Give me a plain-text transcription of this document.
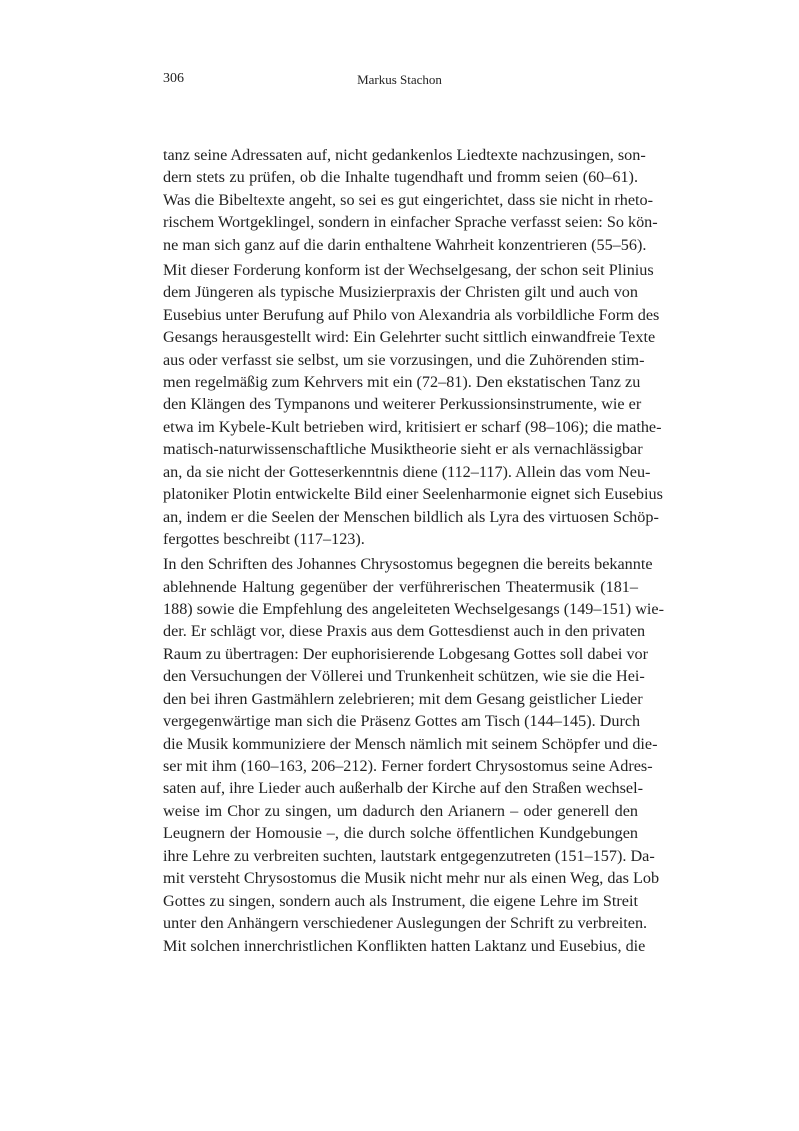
306	Markus Stachon
tanz seine Adressaten auf, nicht gedankenlos Liedtexte nachzusingen, son-
dern stets zu prüfen, ob die Inhalte tugendhaft und fromm seien (60–61).
Was die Bibeltexte angeht, so sei es gut eingerichtet, dass sie nicht in rheto-
rischem Wortgeklingel, sondern in einfacher Sprache verfasst seien: So kön-
ne man sich ganz auf die darin enthaltene Wahrheit konzentrieren (55–56).
Mit dieser Forderung konform ist der Wechselgesang, der schon seit Plinius
dem Jüngeren als typische Musizierpraxis der Christen gilt und auch von
Eusebius unter Berufung auf Philo von Alexandria als vorbildliche Form des
Gesangs herausgestellt wird: Ein Gelehrter sucht sittlich einwandfreie Texte
aus oder verfasst sie selbst, um sie vorzusingen, und die Zuhörenden stim-
men regelmäßig zum Kehrvers mit ein (72–81). Den ekstatischen Tanz zu
den Klängen des Tympanons und weiterer Perkussionsinstrumente, wie er
etwa im Kybele-Kult betrieben wird, kritisiert er scharf (98–106); die mathe-
matisch-naturwissenschaftliche Musiktheorie sieht er als vernachlässigbar
an, da sie nicht der Gotteserkenntnis diene (112–117). Allein das vom Neu-
platoniker Plotin entwickelte Bild einer Seelenharmonie eignet sich Eusebius
an, indem er die Seelen der Menschen bildlich als Lyra des virtuosen Schöp-
fergottes beschreibt (117–123).
In den Schriften des Johannes Chrysostomus begegnen die bereits bekannte
ablehnende Haltung gegenüber der verführerischen Theatermusik (181–
188) sowie die Empfehlung des angeleiteten Wechselgesangs (149–151) wie-
der. Er schlägt vor, diese Praxis aus dem Gottesdienst auch in den privaten
Raum zu übertragen: Der euphorisierende Lobgesang Gottes soll dabei vor
den Versuchungen der Völlerei und Trunkenheit schützen, wie sie die Hei-
den bei ihren Gastmählern zelebrieren; mit dem Gesang geistlicher Lieder
vergegenwärtige man sich die Präsenz Gottes am Tisch (144–145). Durch
die Musik kommuniziere der Mensch nämlich mit seinem Schöpfer und die-
ser mit ihm (160–163, 206–212). Ferner fordert Chrysostomus seine Adres-
saten auf, ihre Lieder auch außerhalb der Kirche auf den Straßen wechsel-
weise im Chor zu singen, um dadurch den Arianern – oder generell den
Leugnern der Homousie –, die durch solche öffentlichen Kundgebungen
ihre Lehre zu verbreiten suchten, lautstark entgegenzutreten (151–157). Da-
mit versteht Chrysostomus die Musik nicht mehr nur als einen Weg, das Lob
Gottes zu singen, sondern auch als Instrument, die eigene Lehre im Streit
unter den Anhängern verschiedener Auslegungen der Schrift zu verbreiten.
Mit solchen innerchristlichen Konflikten hatten Laktanz und Eusebius, die
